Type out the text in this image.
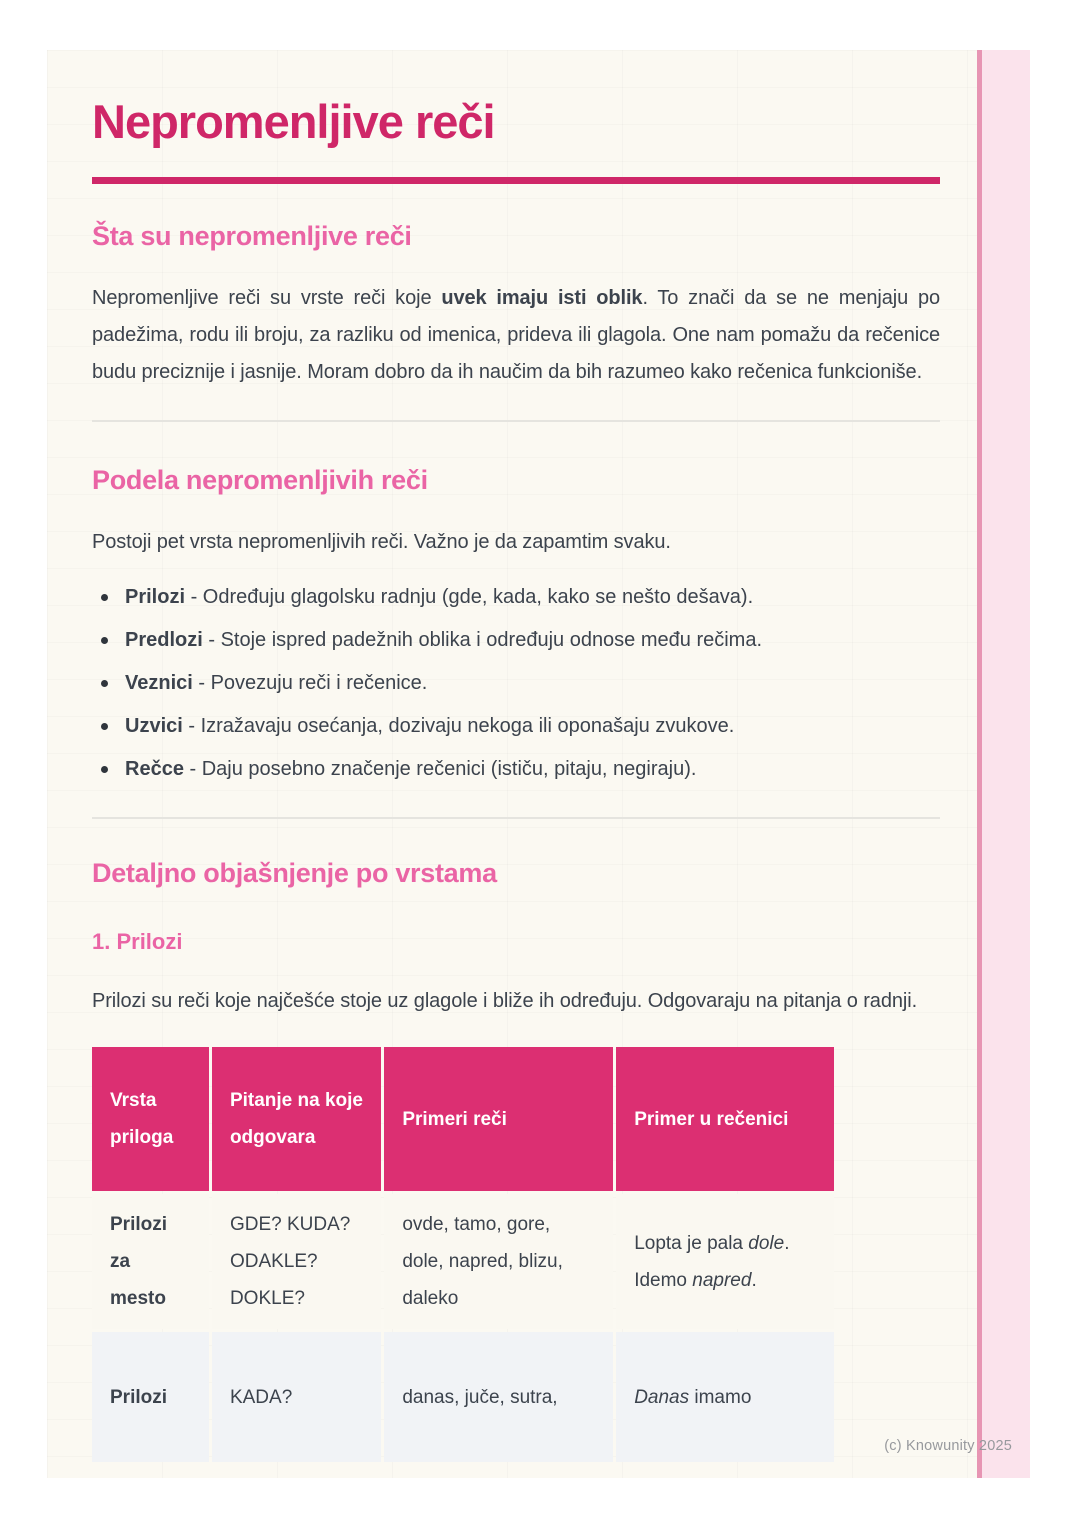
Nepromenljive reči
Šta su nepromenljive reči

Nepromenljive reči su vrste reči koje uvek imaju isti oblik. To znači da se ne menjaju po padežima, rodu ili broju, za razliku od imenica, prideva ili glagola. One nam pomažu da rečenice budu preciznije i jasnije. Moram dobro da ih naučim da bih razumeo kako rečenica funkcioniše.

Podela nepromenljivih reči

Postoji pet vrsta nepromenljivih reči. Važno je da zapamtim svaku.

Prilozi - Određuju glagolsku radnju (gde, kada, kako se nešto dešava).
Predlozi - Stoje ispred padežnih oblika i određuju odnose među rečima.
Veznici - Povezuju reči i rečenice.
Uzvici - Izražavaju osećanja, dozivaju nekoga ili oponašaju zvukove.
Rečce - Daju posebno značenje rečenici (ističu, pitaju, negiraju).
Detaljno objašnjenje po vrstama
1. Prilozi

Prilozi su reči koje najčešće stoje uz glagole i bliže ih određuju. Odgovaraju na pitanja o radnji.

Vrsta priloga	Pitanje na koje odgovara	Primeri reči	Primer u rečenici
Prilozi za mesto	GDE? KUDA? ODAKLE? DOKLE?	ovde, tamo, gore, dole, napred, blizu, daleko	Lopta je pala dole. Idemo napred.
Prilozi	KADA?	danas, juče, sutra,	Danas imamo
(c) Knowunity 2025
